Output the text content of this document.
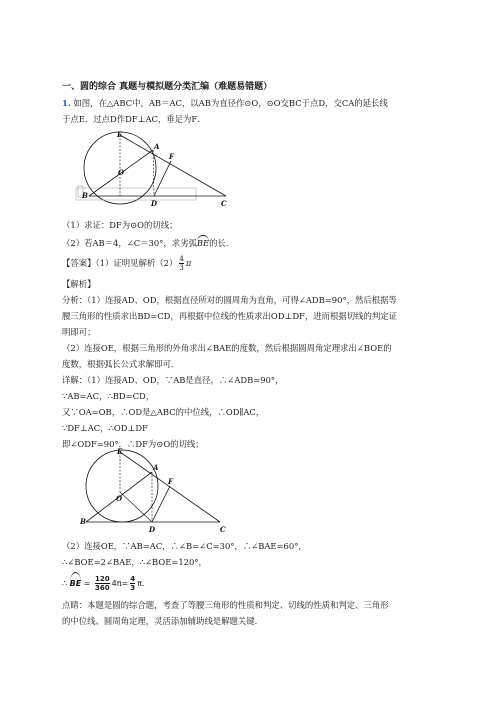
一、圆的综合 真题与模拟题分类汇编（难题易错题）
1. 如图，在△ABC中，AB＝AC，以AB为直径作⊙O，⊙O交BC于点D，交CA的延长线
于点E．过点D作DF⊥AC，垂足为F．
E
A
F
O
B
D	C
（1）求证：DF为⊙O的切线；
（2）若AB＝4，∠C＝30°，求劣弧BE的长．
【答案】（1）证明见解析$(2) \frac{4}{3}$ π
【解析】
分析：（1）连接AD、OD，根据直径所对的圆周角为直角，可得∠ADB=90°，然后根据等
腰三角形的性质求出BD=CD，再根据中位线的性质求出OD⊥DF，进而根据切线的判定证
明即可；
（2）连接OE，根据三角形的外角求出∠BAE的度数，然后根据圆周角定理求出∠BOE的
度数，根据弧长公式求解即可．
详解：（1）连接AD、OD，∵AB是直径，∴∠ADB=90°，
∵AB=AC，∴BD=CD，
又∵OA=OB，∴OD是△ABC的中位线，∴OD∥AC，
∵DF⊥AC，∴OD⊥DF
即∠ODF=90°．∴DF为⊙O的切线；
E
A
F
O
B
D	C
（2）连接OE，∵AB=AC，∴∠B=∠C=30°，∴∠BAE=60°，
∴∠BOE=2∠BAE，∴∠BOE=120°，
∴ BE = $\frac{120}{360} 4\pi= \frac{4}{3}$ π．
点睛：本题是圆的综合题，考查了等腰三角形的性质和判定、切线的性质和判定、三角形
的中位线、圆周角定理，灵活添加辅助线是解题关键．
